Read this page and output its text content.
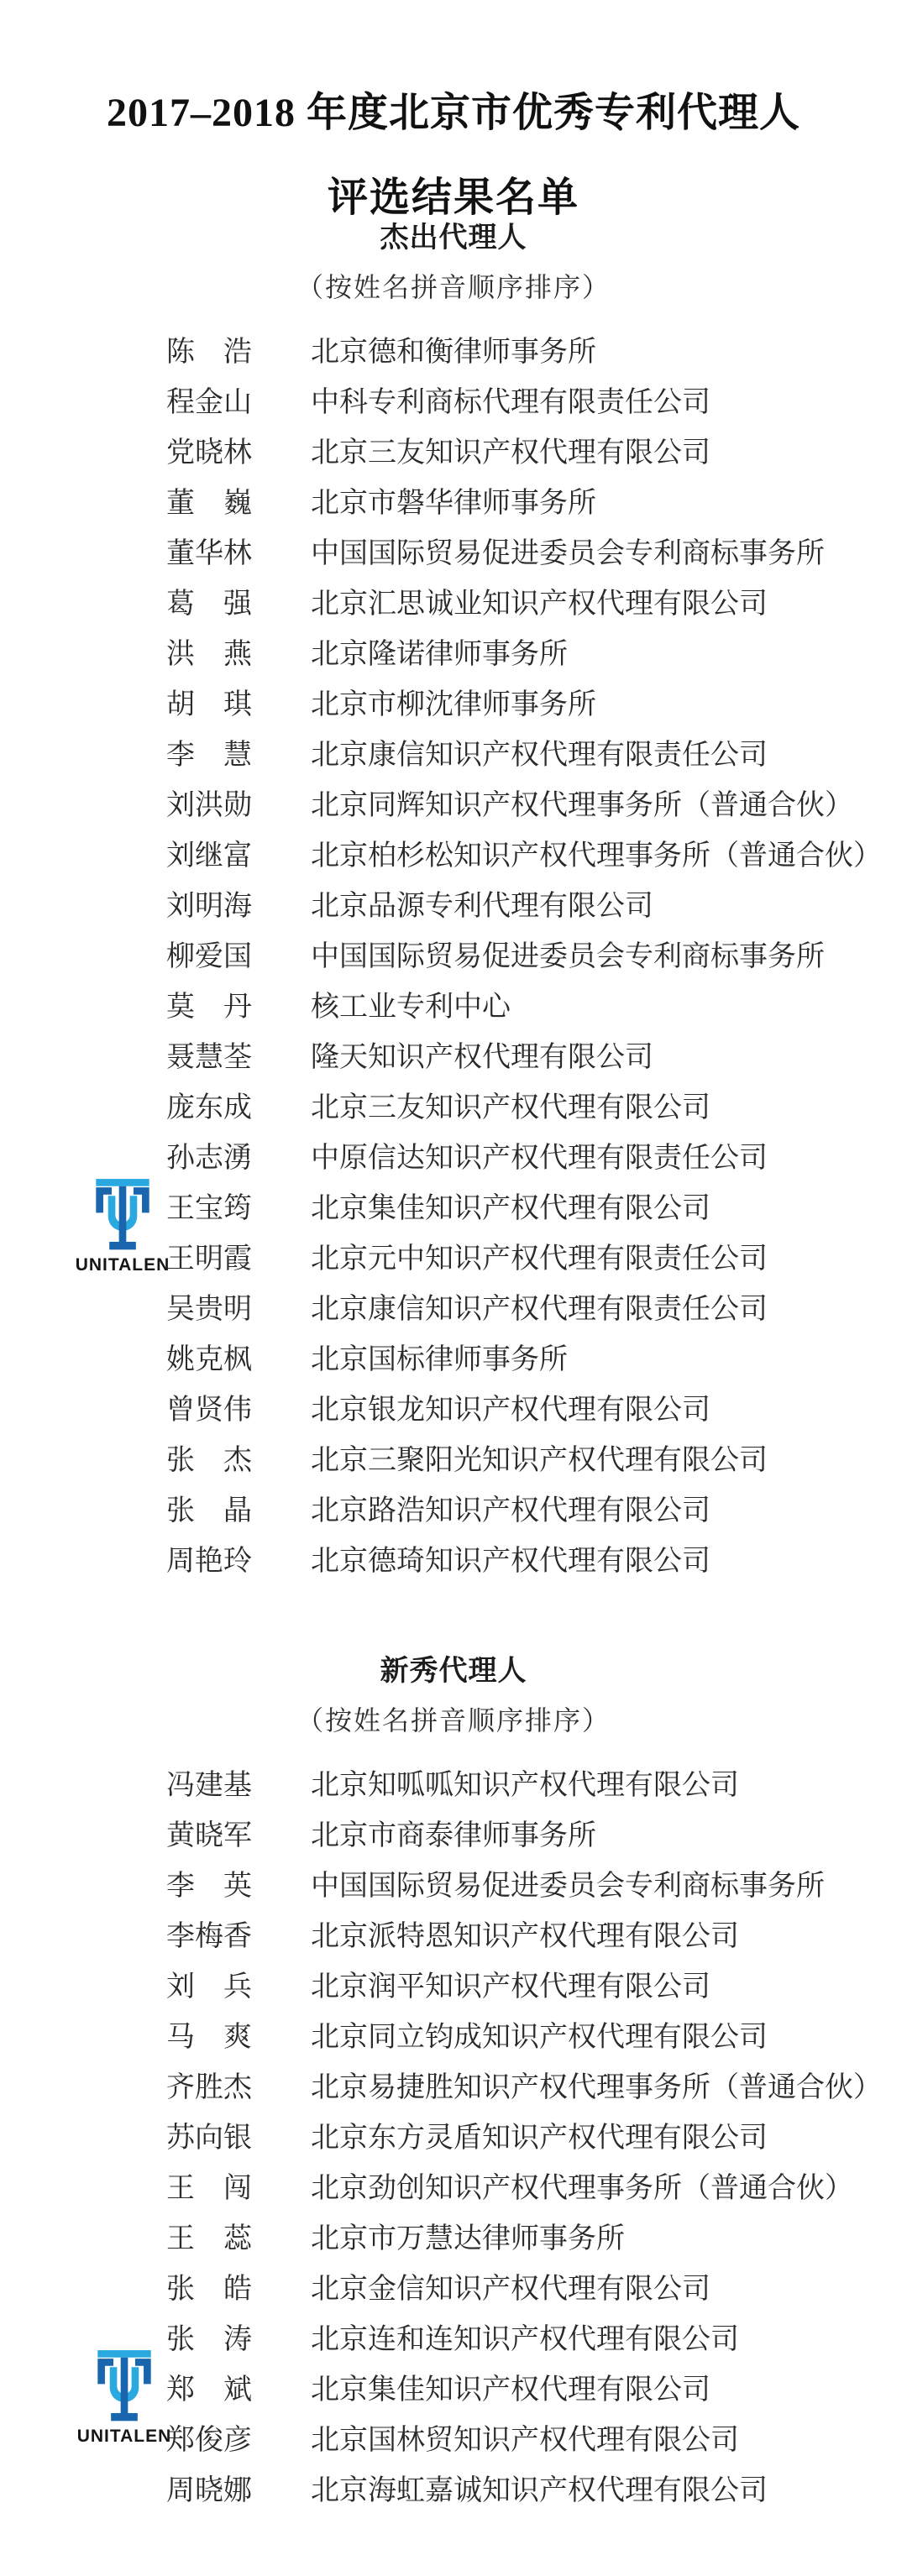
2017–2018 年度北京市优秀专利代理人
评选结果名单
杰出代理人
（按姓名拼音顺序排序）
陈　浩	北京德和衡律师事务所
程金山	中科专利商标代理有限责任公司
党晓林	北京三友知识产权代理有限公司
董　巍	北京市磐华律师事务所
董华林	中国国际贸易促进委员会专利商标事务所
葛　强	北京汇思诚业知识产权代理有限公司
洪　燕	北京隆诺律师事务所
胡　琪	北京市柳沈律师事务所
李　慧	北京康信知识产权代理有限责任公司
刘洪勋	北京同辉知识产权代理事务所（普通合伙）
刘继富	北京柏杉松知识产权代理事务所（普通合伙）
刘明海	北京品源专利代理有限公司
柳爱国	中国国际贸易促进委员会专利商标事务所
莫　丹	核工业专利中心
聂慧荃	隆天知识产权代理有限公司
庞东成	北京三友知识产权代理有限公司
孙志湧	中原信达知识产权代理有限责任公司
王宝筠	北京集佳知识产权代理有限公司
王明霞	北京元中知识产权代理有限责任公司
吴贵明	北京康信知识产权代理有限责任公司
姚克枫	北京国标律师事务所
曾贤伟	北京银龙知识产权代理有限公司
张　杰	北京三聚阳光知识产权代理有限公司
张　晶	北京路浩知识产权代理有限公司
周艳玲	北京德琦知识产权代理有限公司
新秀代理人
（按姓名拼音顺序排序）
冯建基	北京知呱呱知识产权代理有限公司
黄晓军	北京市商泰律师事务所
李　英	中国国际贸易促进委员会专利商标事务所
李梅香	北京派特恩知识产权代理有限公司
刘　兵	北京润平知识产权代理有限公司
马　爽	北京同立钧成知识产权代理有限公司
齐胜杰	北京易捷胜知识产权代理事务所（普通合伙）
苏向银	北京东方灵盾知识产权代理有限公司
王　闯	北京劲创知识产权代理事务所（普通合伙）
王　蕊	北京市万慧达律师事务所
张　皓	北京金信知识产权代理有限公司
张　涛	北京连和连知识产权代理有限公司
郑　斌	北京集佳知识产权代理有限公司
郑俊彦	北京国林贸知识产权代理有限公司
周晓娜	北京海虹嘉诚知识产权代理有限公司
UNITALEN
UNITALEN
